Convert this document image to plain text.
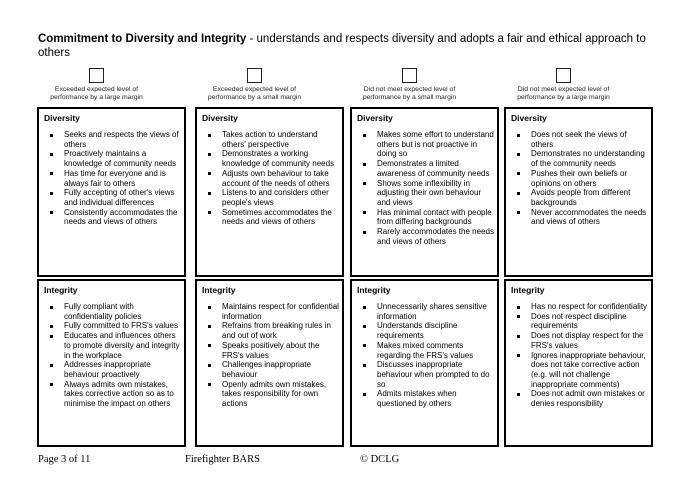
Commitment to Diversity and Integrity - understands and respects diversity and adopts a fair and ethical approach to others
Exceeded expected level of performance by a large margin
Diversity
Seeks and respects the views of others
Proactively maintains a knowledge of community needs
Has time for everyone and is always fair to others
Fully accepting of other's views and individual differences
Consistently accommodates the needs and views of others
Integrity
Fully compliant with confidentiality policies
Fully committed to FRS's values
Educates and influences others to promote diversity and integrity in the workplace
Addresses inappropriate behaviour proactively
Always admits own mistakes, takes corrective action so as to minimise the impact on others
Exceeded expected level of performance by a small margin
Diversity
Takes action to understand others' perspective
Demonstrates a working knowledge of community needs
Adjusts own behaviour to take account of the needs of others
Listens to and considers other people's views
Sometimes accommodates the needs and views of others
Integrity
Maintains respect for confidential information
Refrains from breaking rules in and out of work
Speaks positively about the FRS's values
Challenges inappropriate behaviour
Openly admits own mistakes, takes responsibility for own actions
Did not meet expected level of performance by a small margin
Diversity
Makes some effort to understand others but is not proactive in doing so
Demonstrates a limited awareness of community needs
Shows some inflexibility in adjusting their own behaviour and views
Has minimal contact with people from differing backgrounds
Rarely accommodates the needs and views of others
Integrity
Unnecessarily shares sensitive information
Understands discipline requirements
Makes mixed comments regarding the FRS's values
Discusses inappropriate behaviour when prompted to do so
Admits mistakes when questioned by others
Did not meet expected level of performance by a large margin
Diversity
Does not seek the views of others
Demonstrates no understanding of the community needs
Pushes their own beliefs or opinions on others
Avoids people from different backgrounds
Never accommodates the needs and views of others
Integrity
Has no respect for confidentiality
Does not respect discipline requirements
Does not display respect for the FRS's values
Ignores inappropriate behaviour, does not take corrective action (e.g. will not challenge inappropriate comments)
Does not admit own mistakes or denies responsibility
Page 3 of 11	Firefighter BARS	© DCLG
